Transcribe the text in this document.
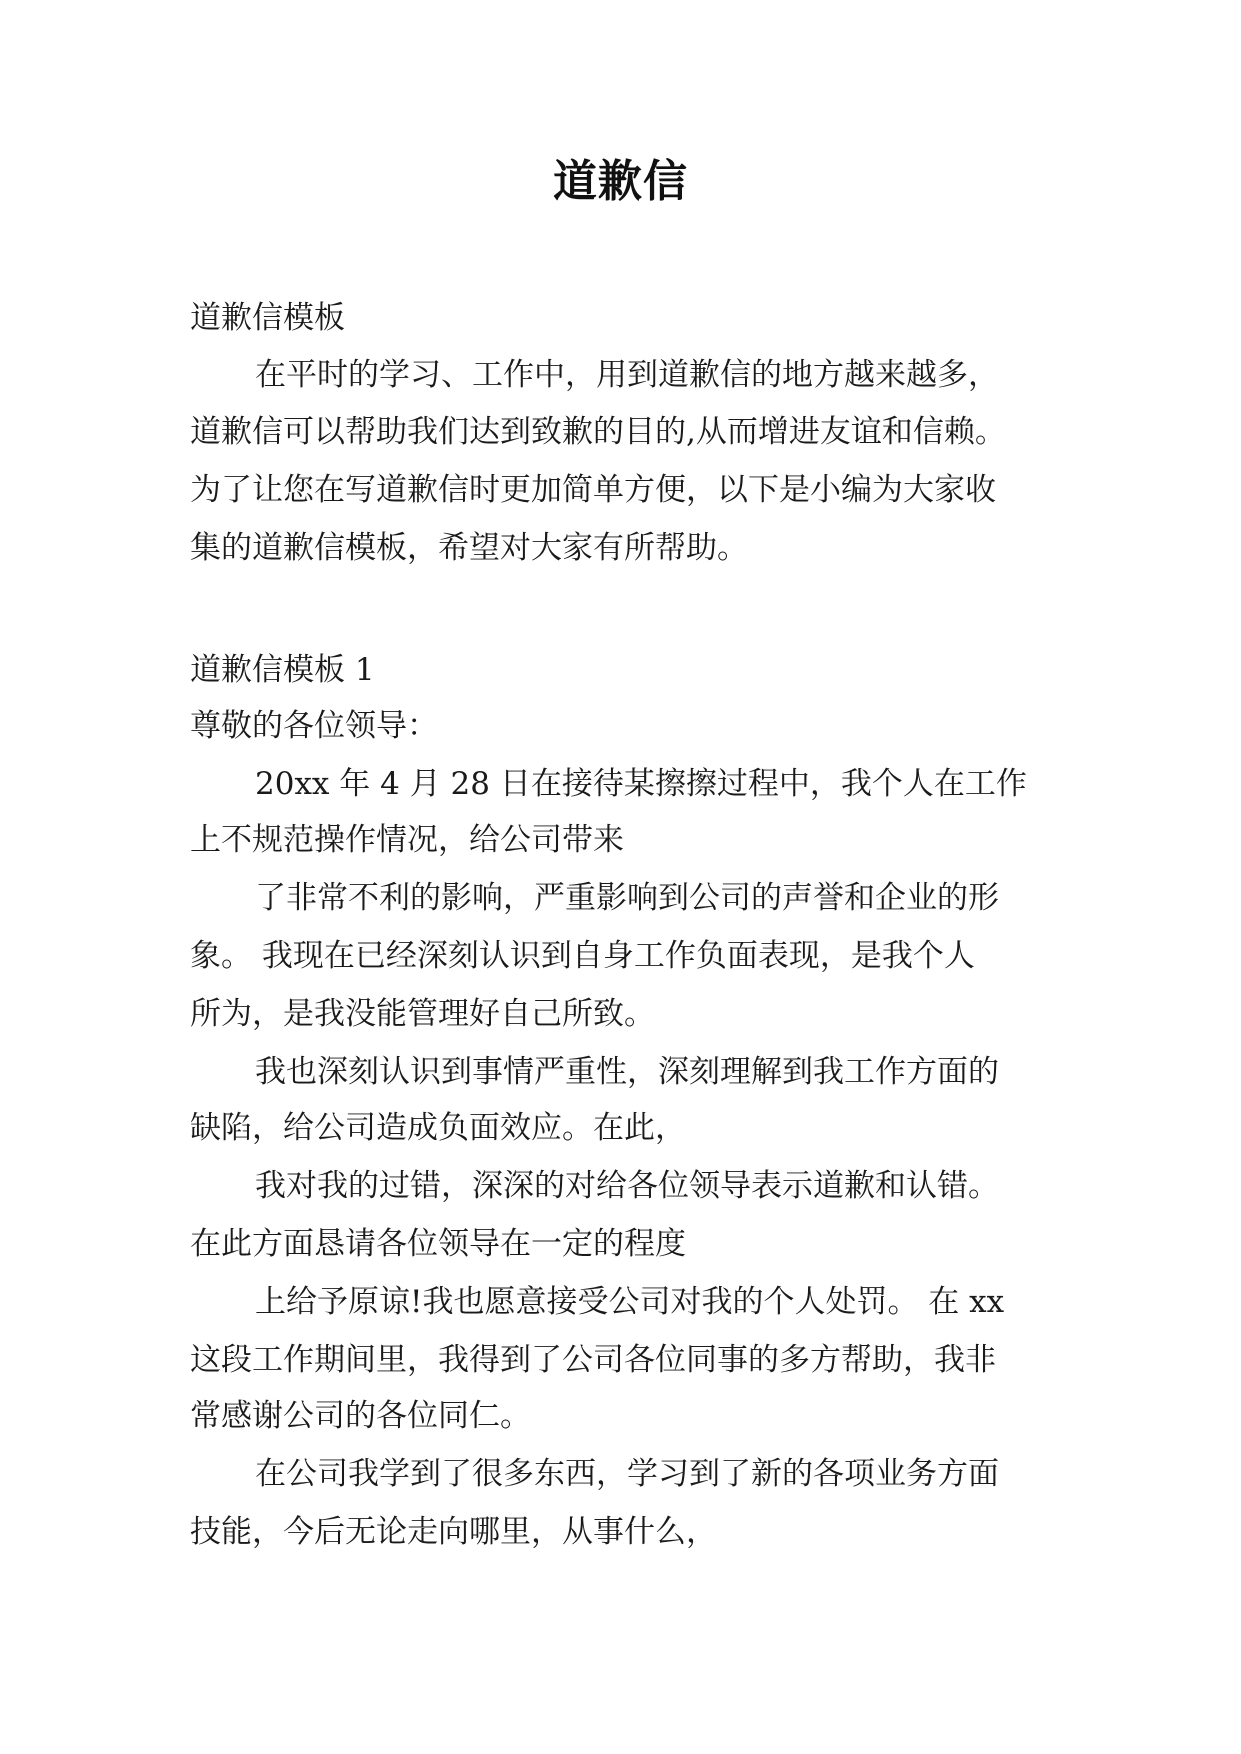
道歉信
道歉信模板
在平时的学习、工作中，用到道歉信的地方越来越多，
道歉信可以帮助我们达到致歉的目的,从而增进友谊和信赖。
为了让您在写道歉信时更加简单方便，以下是小编为大家收
集的道歉信模板，希望对大家有所帮助。
道歉信模板 1
尊敬的各位领导：
20xx 年 4 月 28 日在接待某擦擦过程中，我个人在工作
上不规范操作情况，给公司带来
了非常不利的影响，严重影响到公司的声誉和企业的形
象。 我现在已经深刻认识到自身工作负面表现，是我个人
所为，是我没能管理好自己所致。
我也深刻认识到事情严重性，深刻理解到我工作方面的
缺陷，给公司造成负面效应。在此，
我对我的过错，深深的对给各位领导表示道歉和认错。
在此方面恳请各位领导在一定的程度
上给予原谅!我也愿意接受公司对我的个人处罚。 在 xx
这段工作期间里，我得到了公司各位同事的多方帮助，我非
常感谢公司的各位同仁。
在公司我学到了很多东西，学习到了新的各项业务方面
技能，今后无论走向哪里，从事什么，
